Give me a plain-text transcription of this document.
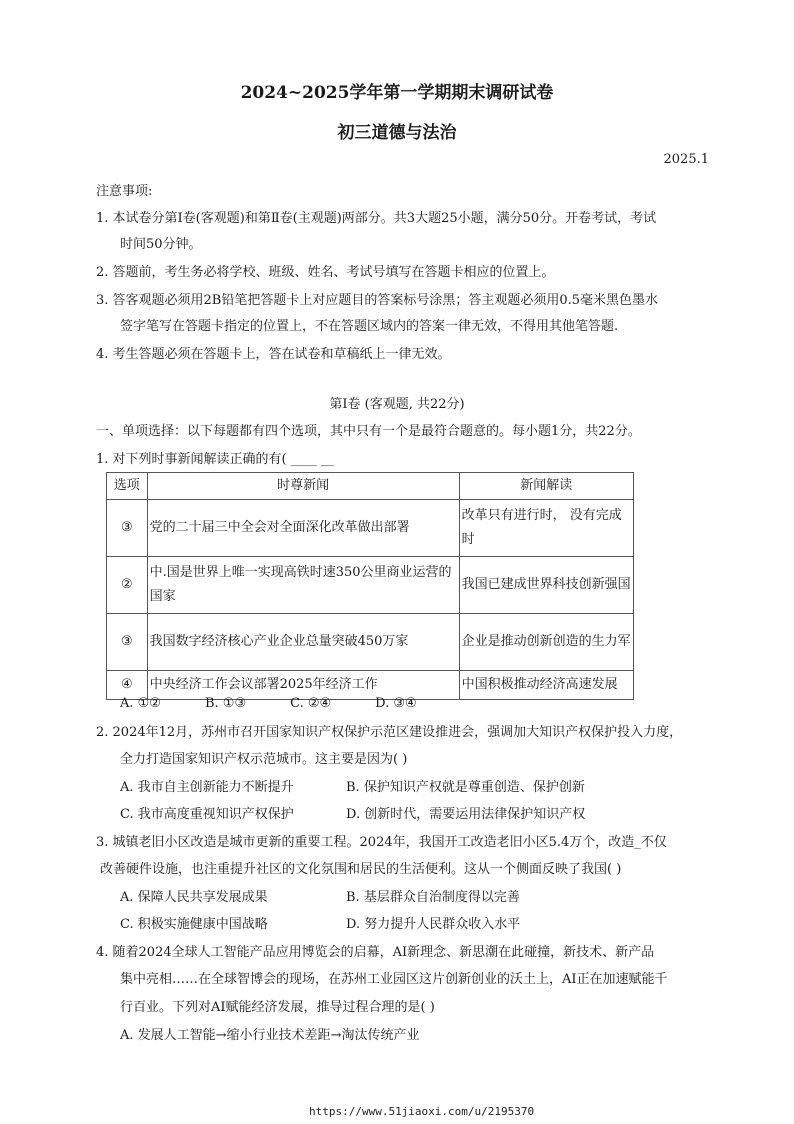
2024~2025学年第一学期期末调研试卷
初三道德与法治
2025.1
注意事项:
1. 本试卷分第Ⅰ卷(客观题)和第Ⅱ卷(主观题)两部分。共3大题25小题，满分50分。开卷考试，考试
时间50分钟。
2. 答题前，考生务必将学校、班级、姓名、考试号填写在答题卡相应的位置上。
3. 答客观题必须用2B铅笔把答题卡上对应题目的答案标号涂黑；答主观题必须用0.5毫米黑色墨水
签字笔写在答题卡指定的位置上，不在答题区域内的答案一律无效，不得用其他笔答题.
4. 考生答题必须在答题卡上，答在试卷和草稿纸上一律无效。
第Ⅰ卷 (客观题, 共22分)
一、单项选择：以下每题都有四个选项，其中只有一个是最符合题意的。每小题1分，共22分。
1. 对下列时事新闻解读正确的有( ____ __
选项	时尊新闻	新闻解读
③	党的二十届三中全会对全面深化改革做出部署	改革只有进行时， 没有完成时
②	中.国是世界上唯一实现高铁时速350公里商业运营的国家	我国已建成世界科技创新强国
③	我国数字经济核心产业企业总量突破450万家	企业是推动创新创造的生力军
④	中央经济工作会议部署2025年经济工作	中国积极推动经济高速发展
A. ①②	B. ①③	C. ②④	D. ③④
2. 2024年12月，苏州市召开国家知识产权保护示范区建设推进会，强调加大知识产权保护投入力度，
全力打造国家知识产权示范城市。这主要是因为( )
A. 我市自主创新能力不断提升	B. 保护知识产权就是尊重创造、保护创新
C. 我市高度重视知识产权保护	D. 创新时代，需要运用法律保护知识产权
3. 城镇老旧小区改造是城市更新的重要工程。2024年，我国开工改造老旧小区5.4万个，改造_不仅
改善硬件设施，也注重提升社区的文化氛围和居民的生活便利。这从一个侧面反映了我国( )
A. 保障人民共享发展成果	B. 基层群众自治制度得以完善
C. 积极实施健康中国战略	D. 努力提升人民群众收入水平
4. 随着2024全球人工智能产品应用博览会的启幕，AI新理念、新思潮在此碰撞，新技术、新产品
集中亮相……在全球智博会的现场，在苏州工业园区这片创新创业的沃土上，AI正在加速赋能千
行百业。下列对AI赋能经济发展，推导过程合理的是( )
A. 发展人工智能→缩小行业技术差距→淘汰传统产业
ﾠﾠﾠﾠ https://www.51jiaoxi.com/u/2195370
